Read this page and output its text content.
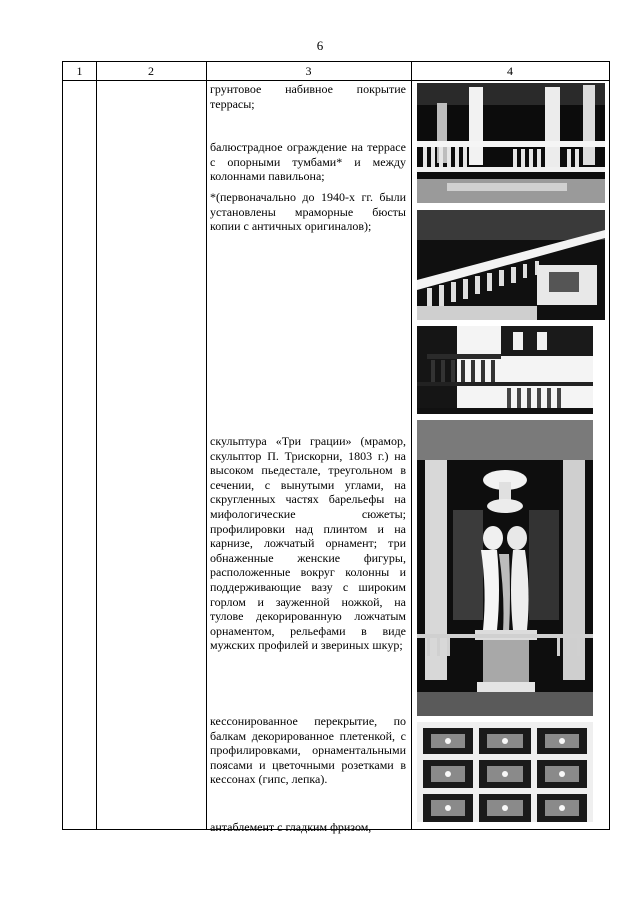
6
1	2	3	4
грунтовое набивное покрытие террасы;
балюстрадное ограждение на террасе с опорными тумбами* и между колоннами павильона;
*(первоначально до 1940-х гг. были установлены мраморные бюсты копии с античных оригиналов);
скульптура «Три грации» (мрамор, скульптор П. Трискорни, 1803 г.) на высоком пьедестале, треугольном в сечении, с вынутыми углами, на скругленных частях барельефы на мифологические сюжеты; профилировки над плинтом и на карнизе, ложчатый орнамент; три обнаженные женские фигуры, расположенные вокруг колонны и поддерживающие вазу с широким горлом и зауженной ножкой, на тулове декорированную ложчатым орнаментом, рельефами в виде мужских профилей и звериных шкур;
кессонированное перекрытие, по балкам декорированное плетенкой, с профилировками, орнаментальными поясами и цветочными розетками в кессонах (гипс, лепка).
антаблемент с гладким фризом,
